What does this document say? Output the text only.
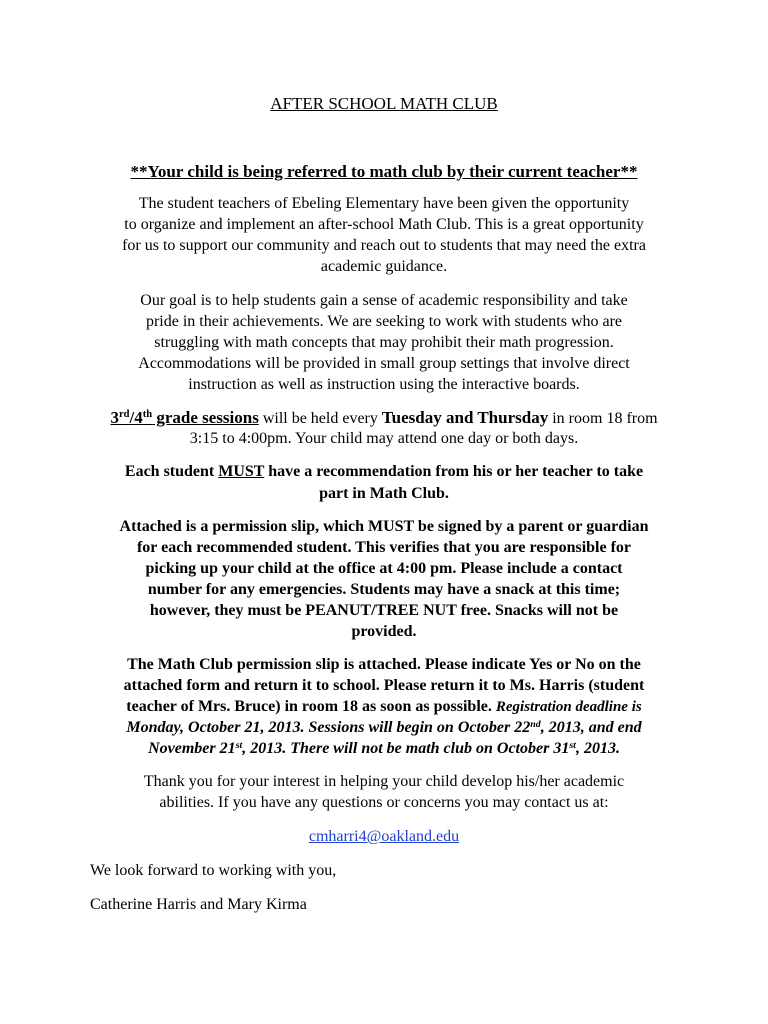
AFTER SCHOOL MATH CLUB
**Your child is being referred to math club by their current teacher**
The student teachers of Ebeling Elementary have been given the opportunity
to organize and implement an after-school Math Club. This is a great opportunity
for us to support our community and reach out to students that may need the extra
academic guidance.
Our goal is to help students gain a sense of academic responsibility and take
pride in their achievements. We are seeking to work with students who are
struggling with math concepts that may prohibit their math progression.
Accommodations will be provided in small group settings that involve direct
instruction as well as instruction using the interactive boards.
3rd/4th grade sessions will be held every Tuesday and Thursday in room 18 from
3:15 to 4:00pm. Your child may attend one day or both days.
Each student MUST have a recommendation from his or her teacher to take
part in Math Club.
Attached is a permission slip, which MUST be signed by a parent or guardian
for each recommended student. This verifies that you are responsible for
picking up your child at the office at 4:00 pm. Please include a contact
number for any emergencies. Students may have a snack at this time;
however, they must be PEANUT/TREE NUT free. Snacks will not be
provided.
The Math Club permission slip is attached. Please indicate Yes or No on the
attached form and return it to school. Please return it to Ms. Harris (student
teacher of Mrs. Bruce) in room 18 as soon as possible. Registration deadline is
Monday, October 21, 2013. Sessions will begin on October 22nd, 2013, and end
November 21st, 2013. There will not be math club on October 31st, 2013.
Thank you for your interest in helping your child develop his/her academic
abilities. If you have any questions or concerns you may contact us at:
cmharri4@oakland.edu
We look forward to working with you,
Catherine Harris and Mary Kirma
